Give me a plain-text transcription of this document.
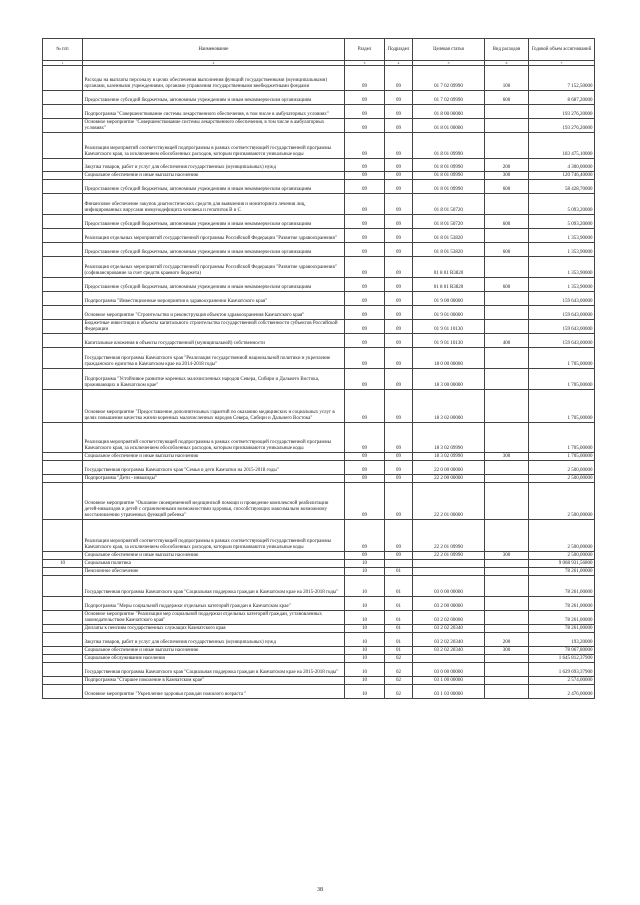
№ п/п	Наименование	Раздел	Подраздел	Целевая статья	Вид расходов	Годовой объем ассигнований
1	2	3	4	5	6	7
	Расходы на выплаты персоналу в целях обеспечения выполнения функций государственными (муниципальными) органами, казенными учреждениями, органами управления государственными внебюджетными фондами	09	09	01 7 02 09990	100	7 152,50000
	Предоставление субсидий бюджетным, автономным учреждениям и иным некоммерческим организациям	09	09	01 7 02 09990	600	8 687,20000
	Подпрограмма "Совершенствование системы лекарственного обеспечения, в том числе в амбулаторных условиях"	09	09	01 8 00 00000		193 276,20000
	Основное мероприятие "Совершенствование системы лекарственного обеспечения, в том числе в амбулаторных условиях"	09	09	01 8 01 00000		193 276,20000
	Реализация мероприятий соответствующей подпрограммы в рамках соответствующей государственной программы Камчатского края, за исключением обособленных расходов, которым присваиваются уникальные коды	09	09	01 8 01 09990		183 475,10000
	Закупка товаров, работ и услуг для обеспечения государственных (муниципальных) нужд	09	09	01 8 01 09990	200	4 300,00000
	Социальное обеспечение и иные выплаты населению	09	09	01 8 01 09990	300	120 746,40000
	Предоставление субсидий бюджетным, автономным учреждениям и иным некоммерческим организациям	09	09	01 8 01 09990	600	58 428,70000
	Финансовое обеспечение закупок диагностических средств для выявления и мониторинга лечения лиц, инфицированных вирусами иммунодефицита человека и гепатитов В и С	09	09	01 8 01 50720		5 093,20000
	Предоставление субсидий бюджетным, автономным учреждениям и иным некоммерческим организациям	09	09	01 8 01 50720	600	5 093,20000
	Реализация отдельных мероприятий государственной программы Российской Федерации "Развитие здравоохранения"	09	09	01 8 01 53820		1 353,90000
	Предоставление субсидий бюджетным, автономным учреждениям и иным некоммерческим организациям	09	09	01 8 01 53820	600	1 353,90000
	Реализация отдельных мероприятий государственной программы Российской Федерации "Развитие здравоохранения" (софинансирование за счет средств краевого бюджета)	09	09	01 8 01 R3820		1 353,90000
	Предоставление субсидий бюджетным, автономным учреждениям и иным некоммерческим организациям	09	09	01 8 01 R3820	600	1 353,90000
	Подпрограмма "Инвестиционные мероприятия в здравоохранении Камчатского края"	09	09	01 9 00 00000		159 643,00000
	Основное мероприятие "Строительство и реконструкция объектов здравоохранения Камчатского края"	09	09	01 9 01 00000		159 643,00000
	Бюджетные инвестиции в объекты капитального строительства государственной собственности субъектов Российской Федерации	09	09	01 9 01 10130		159 643,00000
	Капитальные вложения в объекты государственной (муниципальной) собственности	09	09	01 9 01 10130	400	159 643,00000
	Государственная программа Камчатского края "Реализация государственной национальной политики и укрепление гражданского единства в Камчатском крае на 2014-2018 годы"	09	09	18 0 00 00000		1 705,00000
	Подпрограмма "Устойчивое развитие коренных малочисленных народов Севера, Сибири и Дальнего Востока, проживающих в Камчатском крае"	09	09	18 3 00 00000		1 705,00000
	Основное мероприятие "Предоставление дополнительных гарантий по оказанию медицинских и социальных услуг в целях повышения качества жизни коренных малочисленных народов Севера, Сибири и Дальнего Востока"	09	09	18 3 02 00000		1 705,00000
	Реализация мероприятий соответствующей подпрограммы в рамках соответствующей государственной программы Камчатского края, за исключением обособленных расходов, которым присваиваются уникальные коды	09	09	18 3 02 09990		1 705,00000
	Социальное обеспечение и иные выплаты населению	09	09	18 3 02 09990	300	1 705,00000
	Государственная программа Камчатского края "Семья и дети Камчатки на 2015-2018 годы"	09	09	22 0 00 00000		2 500,00000
	Подпрограмма "Дети - инвалиды"	09	09	22 2 00 00000		2 500,00000
	Основное мероприятие "Оказание своевременной медицинской помощи и проведение комплексной реабилитации детей-инвалидов и детей с ограниченными возможностями здоровья, способствующих максимально возможному восстановлению утраченных функций ребенка"	09	09	22 2 01 00000		2 500,00000
	Реализация мероприятий соответствующей подпрограммы в рамках соответствующей государственной программы Камчатского края, за исключением обособленных расходов, которым присваиваются уникальные коды	09	09	22 2 01 09990		2 500,00000
	Социальное обеспечение и иные выплаты населению	09	09	22 2 01 09990	300	2 500,00000
10	Социальная политика	10				9 068 931,56800
	Пенсионное обеспечение	10	01			78 261,00000
	Государственная программа Камчатского края "Социальная поддержка граждан в Камчатском крае на 2015-2018 годы"	10	01	03 0 00 00000		78 261,00000
	Подпрограмма "Меры социальной поддержки отдельных категорий граждан в Камчатском крае"	10	01	03 2 00 00000		78 261,00000
	Основное мероприятие "Реализация мер социальной поддержки отдельных категорий граждан, установленных законодательством Камчатского края"	10	01	03 2 02 00000		78 261,00000
	Доплаты к пенсиям государственных служащих Камчатского края	10	01	03 2 02 20340		78 261,00000
	Закупка товаров, работ и услуг для обеспечения государственных (муниципальных) нужд	10	01	03 2 02 20340	200	193,20000
	Социальное обеспечение и иные выплаты населению	10	01	03 2 02 20340	300	78 067,80000
	Социальное обслуживание населения	10	02			1 645 812,37900
	Государственная программа Камчатского края "Социальная поддержка граждан в Камчатском крае на 2015-2018 годы"	10	02	03 0 00 00000		1 629 693,37900
	Подпрограмма "Старшее поколение в Камчатском крае"	10	02	03 1 00 00000		2 574,00000
	Основное мероприятие "Укрепление здоровья граждан пожилого возраста "	10	02	03 1 03 00000		2 476,00000
38
